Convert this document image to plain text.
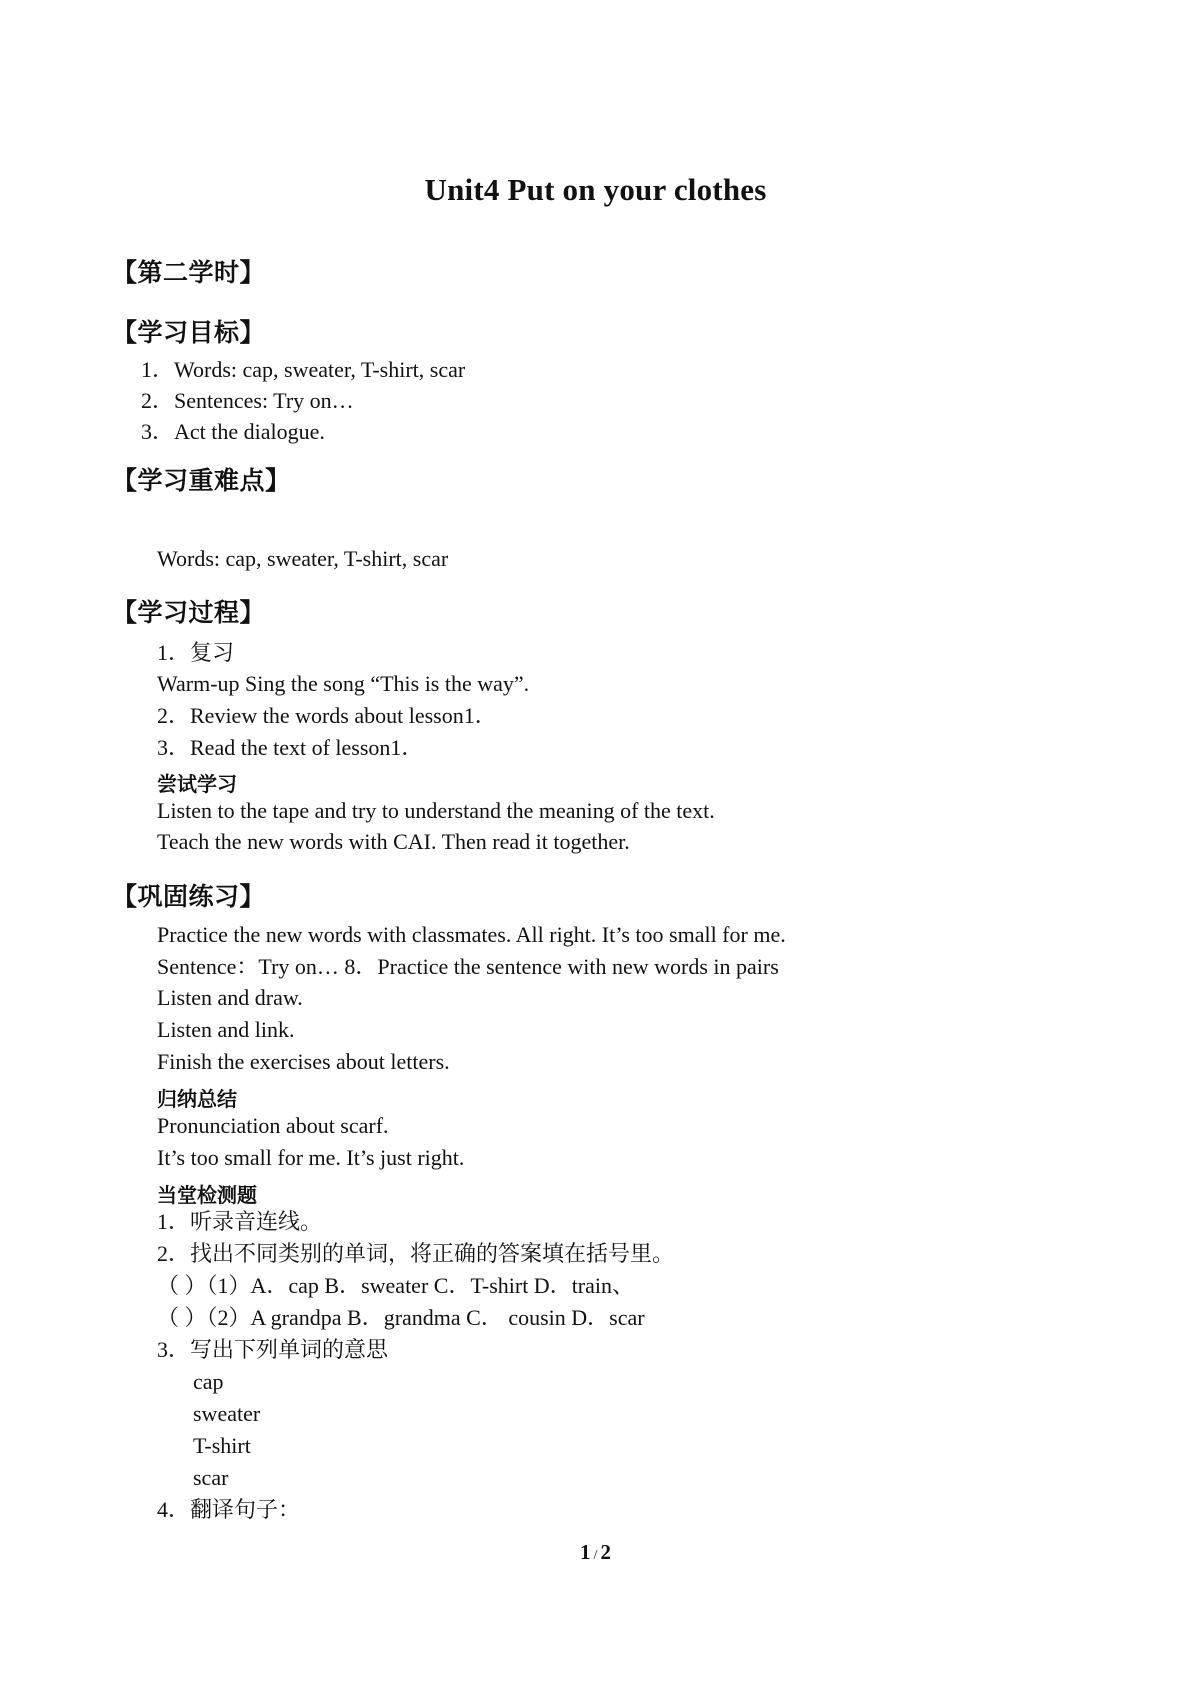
Unit4 Put on your clothes
【第二学时】
【学习目标】
1．Words: cap, sweater, T-shirt, scar
2．Sentences: Try on…
3．Act the dialogue.
【学习重难点】
Words: cap, sweater, T-shirt, scar
【学习过程】
1．复习
Warm-up Sing the song “This is the way”.
2．Review the words about lesson1．
3．Read the text of lesson1．
尝试学习
Listen to the tape and try to understand the meaning of the text.
Teach the new words with CAI. Then read it together.
【巩固练习】
Practice the new words with classmates. All right. It’s too small for me.
Sentence：Try on… 8．Practice the sentence with new words in pairs
Listen and draw.
Listen and link.
Finish the exercises about letters.
归纳总结
Pronunciation about scarf.
It’s too small for me. It’s just right.
当堂检测题
1．听录音连线。
2．找出不同类别的单词，将正确的答案填在括号里。
（ ）（1）A．cap B．sweater C．T-shirt D．train、
（ ）（2）A grandpa B．grandma C． cousin D．scar
3．写出下列单词的意思
cap
sweater
T-shirt
scar
4．翻译句子：
1 / 2
